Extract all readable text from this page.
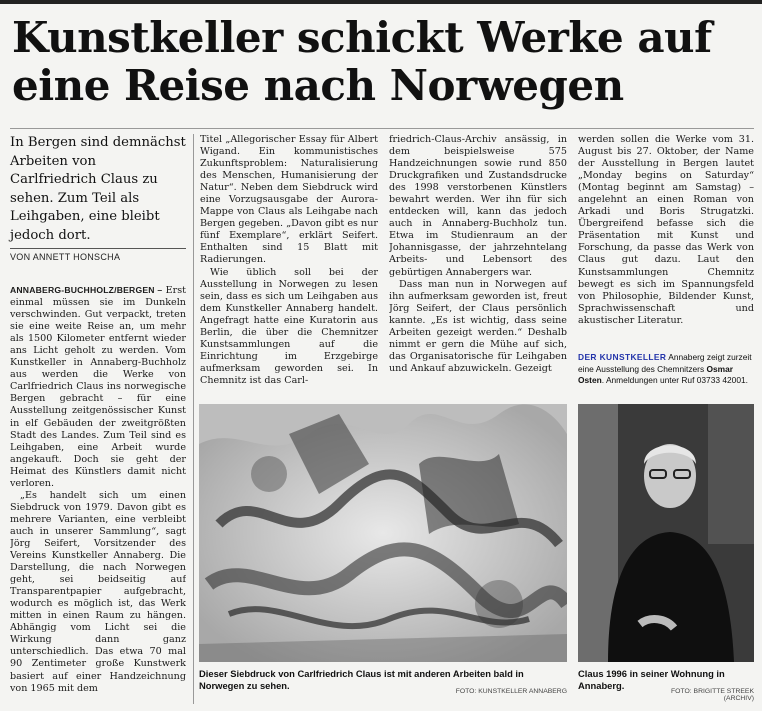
Kunstkeller schickt Werke auf eine Reise nach Norwegen
In Bergen sind demnächst Arbeiten von Carlfriedrich Claus zu sehen. Zum Teil als Leihgaben, eine bleibt jedoch dort.
VON ANNETT HONSCHA

ANNABERG-BUCHHOLZ/BERGEN – Erst einmal müssen sie im Dunkeln verschwinden. Gut verpackt, treten sie eine weite Reise an, um mehr als 1500 Kilometer entfernt wieder ans Licht geholt zu werden. Vom Kunstkeller in Annaberg-Buchholz aus werden die Werke von Carlfriedrich Claus ins norwegische Bergen gebracht – für eine Ausstellung zeitgenössischer Kunst in elf Gebäuden der zweitgrößten Stadt des Landes. Zum Teil sind es Leihgaben, eine Arbeit wurde angekauft. Doch sie geht der Heimat des Künstlers damit nicht verloren.

„Es handelt sich um einen Siebdruck von 1979. Davon gibt es mehrere Varianten, eine verbleibt auch in unserer Sammlung“, sagt Jörg Seifert, Vorsitzender des Vereins Kunstkeller Annaberg. Die Darstellung, die nach Norwegen geht, sei beidseitig auf Transparentpapier aufgebracht, wodurch es möglich ist, das Werk mitten in einen Raum zu hängen. Abhängig vom Licht sei die Wirkung dann ganz unterschiedlich. Das etwa 70 mal 90 Zentimeter große Kunstwerk basiert auf einer Handzeichnung von 1965 mit dem

Titel „Allegorischer Essay für Albert Wigand. Ein kommunistisches Zukunftsproblem: Naturalisierung des Menschen, Humanisierung der Natur“. Neben dem Siebdruck wird eine Vorzugsausgabe der Aurora-Mappe von Claus als Leihgabe nach Bergen gegeben. „Davon gibt es nur fünf Exemplare“, erklärt Seifert. Enthalten sind 15 Blatt mit Radierungen.

Wie üblich soll bei der Ausstellung in Norwegen zu lesen sein, dass es sich um Leihgaben aus dem Kunstkeller Annaberg handelt. Angefragt hatte eine Kuratorin aus Berlin, die über die Chemnitzer Kunstsammlungen auf die Einrichtung im Erzgebirge aufmerksam geworden sei. In Chemnitz ist das Carl-

friedrich-Claus-Archiv ansässig, in dem beispielsweise 575 Handzeichnungen sowie rund 850 Druckgrafiken und Zustandsdrucke des 1998 verstorbenen Künstlers bewahrt werden. Wer ihn für sich entdecken will, kann das jedoch auch in Annaberg-Buchholz tun. Etwa im Studienraum an der Johannisgasse, der jahrzehntelang Arbeits- und Lebensort des gebürtigen Annabergers war.

Dass man nun in Norwegen auf ihn aufmerksam geworden ist, freut Jörg Seifert, der Claus persönlich kannte. „Es ist wichtig, dass seine Arbeiten gezeigt werden.“ Deshalb nimmt er gern die Mühe auf sich, das Organisatorische für Leihgaben und Ankauf abzuwickeln. Gezeigt

werden sollen die Werke vom 31. August bis 27. Oktober, der Name der Ausstellung in Bergen lautet „Monday begins on Saturday“ (Montag beginnt am Samstag) – angelehnt an einen Roman von Arkadi und Boris Strugatzki. Übergreifend befasse sich die Präsentation mit Kunst und Forschung, da passe das Werk von Claus gut dazu. Laut den Kunstsammlungen Chemnitz bewegt es sich im Spannungsfeld von Philosophie, Bildender Kunst, Sprachwissenschaft und akustischer Literatur.

DER KUNSTKELLER Annaberg zeigt zurzeit eine Ausstellung des Chemnitzers Osmar Osten. Anmeldungen unter Ruf 03733 42001.
Dieser Siebdruck von Carlfriedrich Claus ist mit anderen Arbeiten bald in Norwegen zu sehen.
FOTO: KUNSTKELLER ANNABERG
Claus 1996 in seiner Wohnung in Annaberg.
FOTO: BRIGITTE STREEK (ARCHIV)
